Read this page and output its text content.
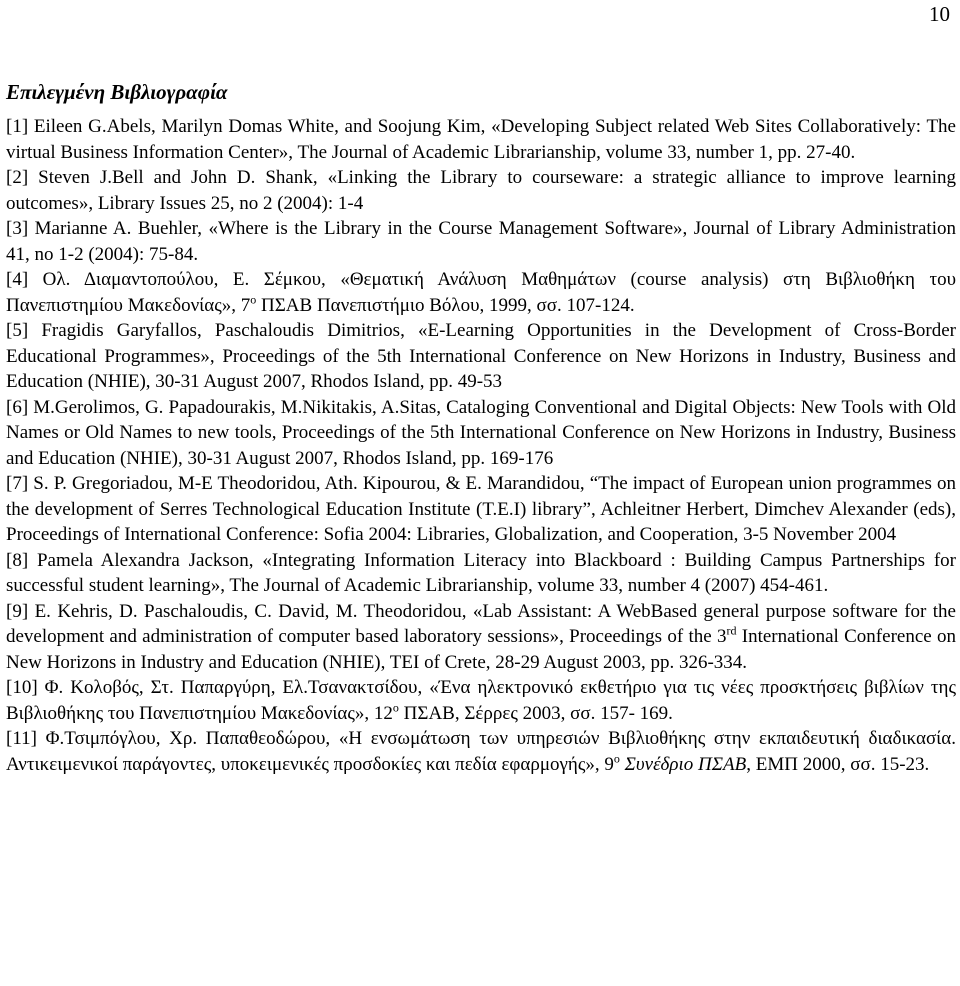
10
Επιλεγμένη Βιβλιογραφία

[1] Eileen G.Abels, Marilyn Domas White, and Soojung Kim, «Developing Subject related Web Sites Collaboratively: The virtual Business Information Center», The Journal of Academic Librarianship, volume 33, number 1, pp. 27-40.

[2] Steven J.Bell and John D. Shank, «Linking the Library to courseware: a strategic alliance to improve learning outcomes», Library Issues 25, no 2 (2004): 1-4

[3] Marianne A. Buehler, «Where is the Library in the Course Management Software», Journal of Library Administration 41, no 1-2 (2004): 75-84.

[4] Ολ. Διαμαντοπούλου, Ε. Σέμκου, «Θεματική Ανάλυση Μαθημάτων (course analysis) στη Βιβλιοθήκη του Πανεπιστημίου Μακεδονίας», $7^o$ ΠΣΑΒ Πανεπιστήμιο Βόλου, 1999, σσ. 107-124.

[5] Fragidis Garyfallos, Paschaloudis Dimitrios, «E-Learning Opportunities in the Development of Cross-Border Educational Programmes», Proceedings of the 5th International Conference on New Horizons in Industry, Business and Education (NHIE), 30-31 August 2007, Rhodos Island, pp. 49-53

[6] M.Gerolimos, G. Papadourakis, M.Nikitakis, A.Sitas, Cataloging Conventional and Digital Objects: New Tools with Old Names or Old Names to new tools, Proceedings of the 5th International Conference on New Horizons in Industry, Business and Education (NHIE), 30-31 August 2007, Rhodos Island, pp. 169-176

[7] S. P. Gregoriadou, M-E Theodoridou, Ath. Kipourou, & E. Marandidou, “The impact of European union programmes on the development of Serres Technological Education Institute (T.E.I) library”, Achleitner Herbert, Dimchev Alexander (eds), Proceedings of International Conference: Sofia 2004: Libraries, Globalization, and Cooperation, 3-5 November 2004

[8] Pamela Alexandra Jackson, «Integrating Information Literacy into Blackboard : Building Campus Partnerships for successful student learning», The Journal of Academic Librarianship, volume 33, number 4 (2007) 454-461.

[9] E. Kehris, D. Paschaloudis, C. David, M. Theodoridou, «Lab Assistant: A WebBased general purpose software for the development and administration of computer based laboratory sessions», Proceedings of the 3rd International Conference on New Horizons in Industry and Education (NHIE), TEI of Crete, 28-29 August 2003, pp. 326-334.

[10] Φ. Κολοβός, Στ. Παπαργύρη, Ελ.Τσανακτσίδου, «Ένα ηλεκτρονικό εκθετήριο για τις νέες προσκτήσεις βιβλίων της Βιβλιοθήκης του Πανεπιστημίου Μακεδονίας», $12^o$ ΠΣΑΒ, Σέρρες 2003, σσ. 157- 169.

[11] Φ.Τσιμπόγλου, Χρ. Παπαθεοδώρου, «Η ενσωμάτωση των υπηρεσιών Βιβλιοθήκης στην εκπαιδευτική διαδικασία. Αντικειμενικοί παράγοντες, υποκειμενικές προσδοκίες και πεδία εφαρμογής», $9^o$ Συνέδριο ΠΣΑΒ, ΕΜΠ 2000, σσ. 15-23.
